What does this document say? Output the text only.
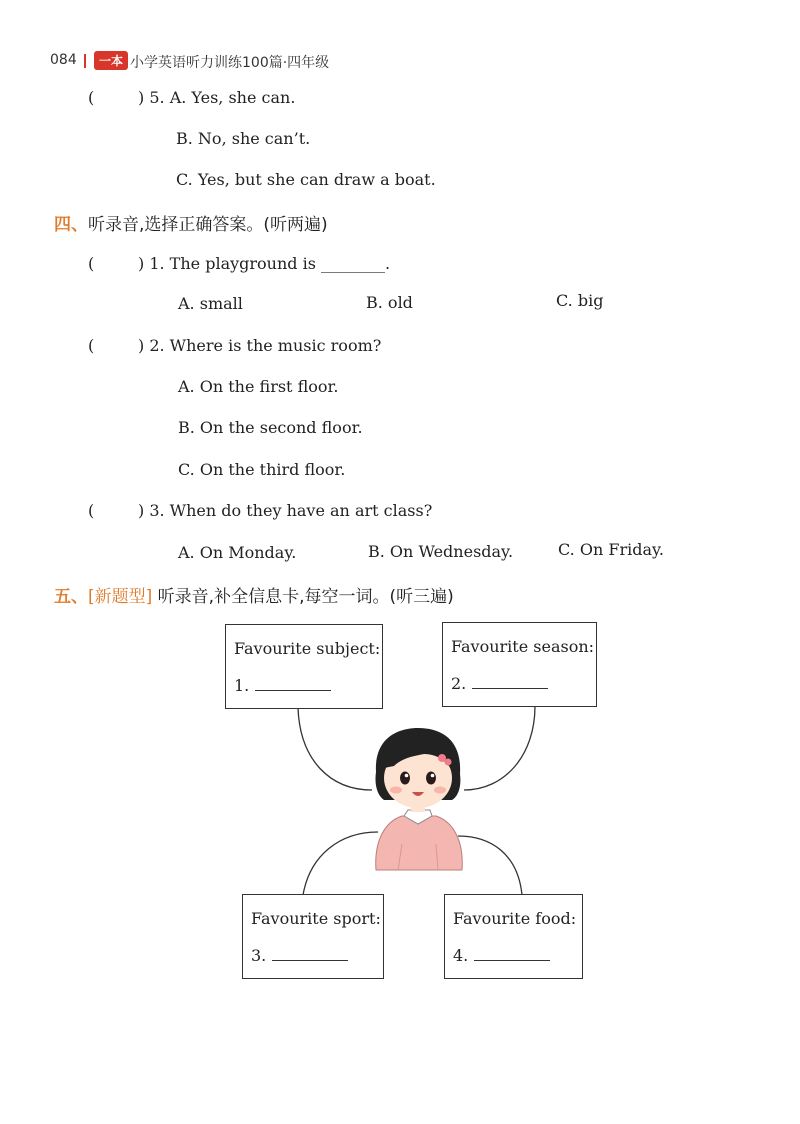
084	一本 小学英语听力训练100篇·四年级
(	) 5. A. Yes, she can.
B. No, she can’t.
C. Yes, but she can draw a boat.
四、听录音,选择正确答案。(听两遍)
(	) 1. The playground is ________.
A. small	B. old	C. big
(	) 2. Where is the music room?
A. On the first floor.
B. On the second floor.
C. On the third floor.
(	) 3. When do they have an art class?
A. On Monday.	B. On Wednesday.	C. On Friday.
五、[新题型] 听录音,补全信息卡,每空一词。(听三遍)
Favourite subject:
1.
Favourite season:
2.
Favourite sport:
3.
Favourite food:
4.
